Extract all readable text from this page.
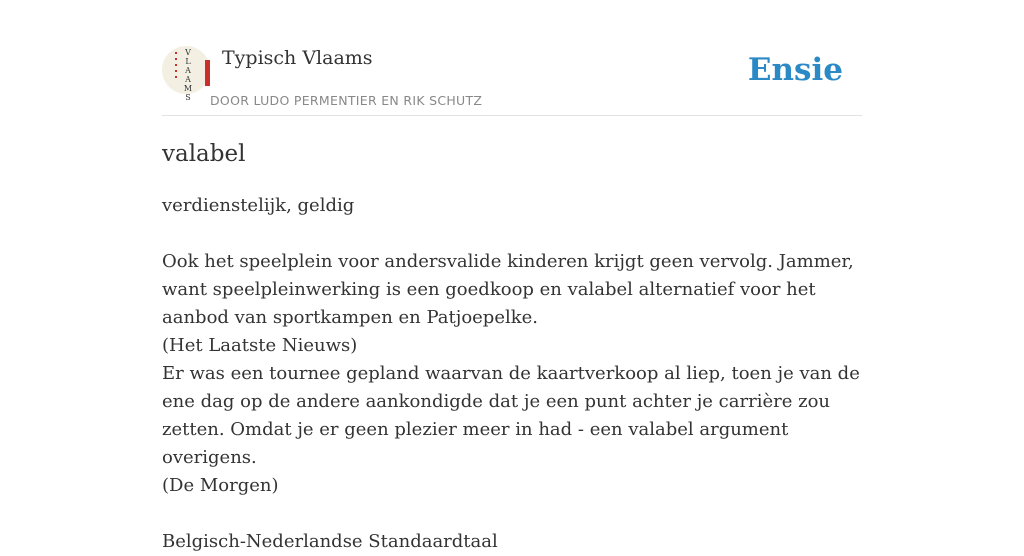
V
L
A
A
M
S
Typisch Vlaams
DOOR LUDO PERMENTIER EN RIK SCHUTZ
Ensie
valabel
verdienstelijk, geldig

Ook het speelplein voor andersvalide kinderen krijgt geen vervolg. Jammer, want speelpleinwerking is een goedkoop en valabel alternatief voor het aanbod van sportkampen en Patjoepelke.

(Het Laatste Nieuws)

Er was een tournee gepland waarvan de kaartverkoop al liep, toen je van de ene dag op de andere aankondigde dat je een punt achter je carrière zou zetten. Omdat je er geen plezier meer in had - een valabel argument overigens.

(De Morgen)

Belgisch-Nederlandse Standaardtaal
